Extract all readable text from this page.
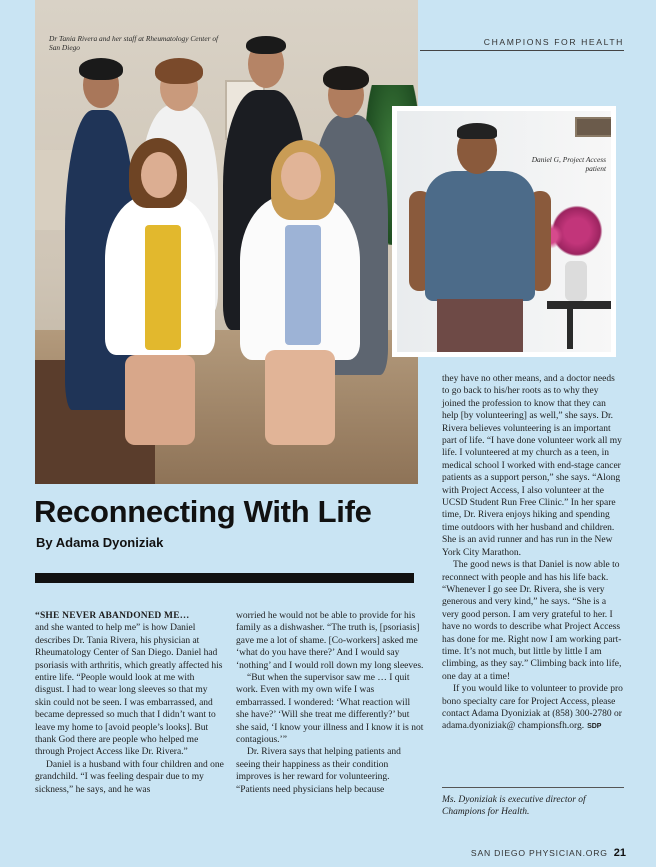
CHAMPIONS FOR HEALTH
Dr Tania Rivera and her staff at Rheumatology Center of San Diego
Daniel G, Project Access patient
Reconnecting With Life
By Adama Dyoniziak

“SHE NEVER ABANDONED ME…
and she wanted to help me” is how Daniel describes Dr. Tania Rivera, his physician at Rheumatology Center of San Diego. Daniel had psoriasis with arthritis, which greatly affected his entire life. “People would look at me with disgust. I had to wear long sleeves so that my skin could not be seen. I was embarrassed, and became depressed so much that I didn’t want to leave my home to [avoid people’s looks]. But thank God there are people who helped me through Project Access like Dr. Rivera.”

Daniel is a husband with four children and one grandchild. “I was feeling despair due to my sickness,” he says, and he was

worried he would not be able to provide for his family as a dishwasher. “The truth is, [psoriasis] gave me a lot of shame. [Co-workers] asked me ‘what do you have there?’ And I would say ‘nothing’ and I would roll down my long sleeves.

“But when the supervisor saw me … I quit work. Even with my own wife I was embarrassed. I wondered: ‘What reaction will she have?’ ‘Will she treat me differently?’ but she said, ‘I know your illness and I know it is not contagious.’”

Dr. Rivera says that helping patients and seeing their happiness as their condition improves is her reward for volunteering. “Patients need physicians help because

they have no other means, and a doctor needs to go back to his/her roots as to why they joined the profession to know that they can help [by volunteering] as well,” she says. Dr. Rivera believes volunteering is an important part of life. “I have done volunteer work all my life. I volunteered at my church as a teen, in medical school I worked with end-stage cancer patients as a support person,” she says. “Along with Project Access, I also volunteer at the UCSD Student Run Free Clinic.” In her spare time, Dr. Rivera enjoys hiking and spending time outdoors with her husband and children. She is an avid runner and has run in the New York City Marathon.

The good news is that Daniel is now able to reconnect with people and has his life back. “Whenever I go see Dr. Rivera, she is very generous and very kind,” he says. “She is a very good person. I am very grateful to her. I have no words to describe what Project Access has done for me. Right now I am working part-time. It’s not much, but little by little I am climbing, as they say.” Climbing back into life, one day at a time!

If you would like to volunteer to provide pro bono specialty care for Project Access, please contact Adama Dyoniziak at (858) 300-2780 or adama.dyoniziak@ championsfh.org. SDP

Ms. Dyoniziak is executive director of Champions for Health.
SAN DIEGO PHYSICIAN.ORG 21
